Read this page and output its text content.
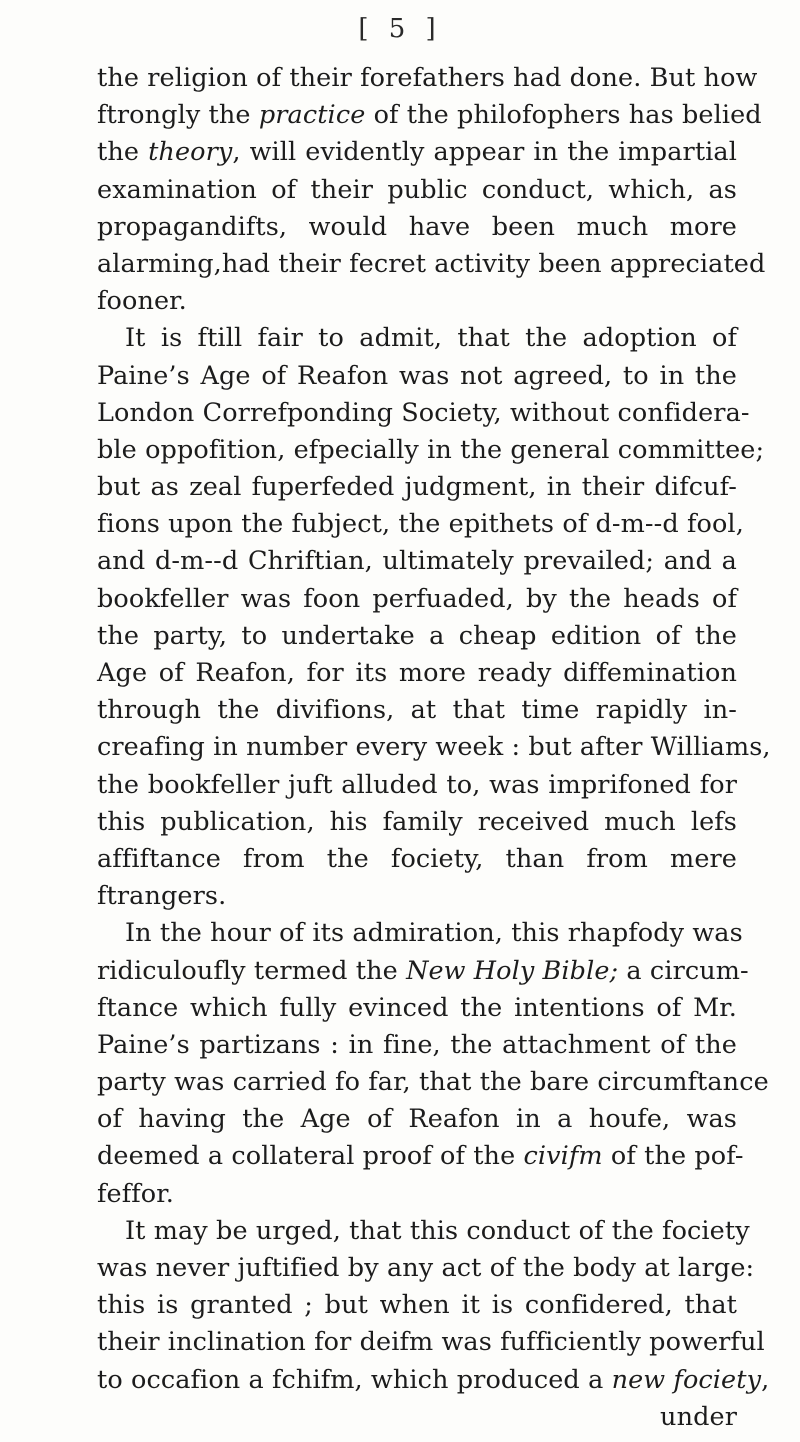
[ 5 ]
the religion of their forefathers had done. But how
ftrongly the practice of the philofophers has belied
the theory, will evidently appear in the impartial
examination of their public conduct, which, as
propagandifts, would have been much more
alarming,had their fecret activity been appreciated
fooner.
It is ftill fair to admit, that the adoption of
Paine’s Age of Reafon was not agreed, to in the
London Correfponding Society, without confidera-
ble oppofition, efpecially in the general committee;
but as zeal fuperfeded judgment, in their difcuf-
fions upon the fubject, the epithets of d-m--d fool,
and d-m--d Chriftian, ultimately prevailed; and a
bookfeller was foon perfuaded, by the heads of
the party, to undertake a cheap edition of the
Age of Reafon, for its more ready diffemination
through the divifions, at that time rapidly in-
creafing in number every week : but after Williams,
the bookfeller juft alluded to, was imprifoned for
this publication, his family received much lefs
affiftance from the fociety, than from mere
ftrangers.
In the hour of its admiration, this rhapfody was
ridiculoufly termed the New Holy Bible; a circum-
ftance which fully evinced the intentions of Mr.
Paine’s partizans : in fine, the attachment of the
party was carried fo far, that the bare circumftance
of having the Age of Reafon in a houfe, was
deemed a collateral proof of the civifm of the pof-
feffor.
It may be urged, that this conduct of the fociety
was never juftified by any act of the body at large:
this is granted ; but when it is confidered, that
their inclination for deifm was fufficiently powerful
to occafion a fchifm, which produced a new fociety,
under
